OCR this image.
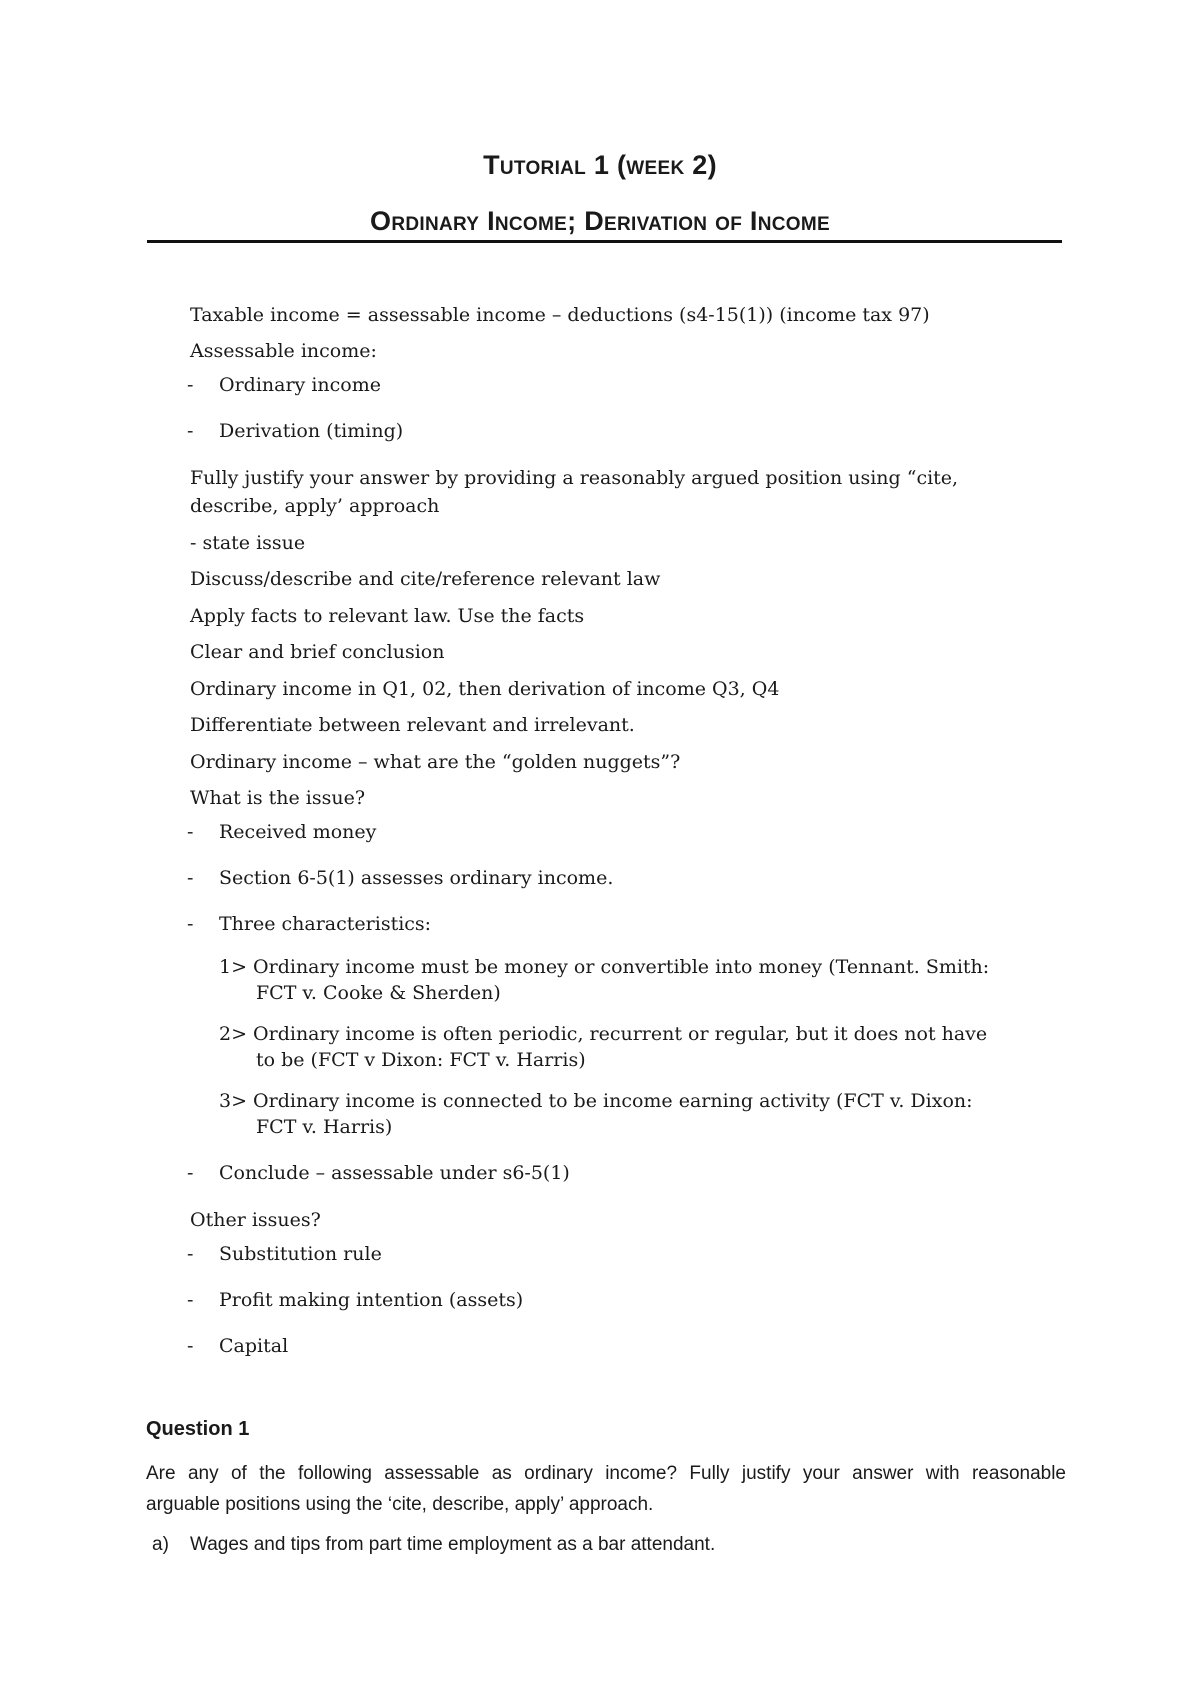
Tutorial 1 (week 2)
Ordinary Income; Derivation of Income
Taxable income = assessable income – deductions (s4-15(1)) (income tax 97)
Assessable income:
- Ordinary income
- Derivation (timing)
Fully justify your answer by providing a reasonably argued position using “cite,
describe, apply’ approach
- state issue
Discuss/describe and cite/reference relevant law
Apply facts to relevant law. Use the facts
Clear and brief conclusion
Ordinary income in Q1, 02, then derivation of income Q3, Q4
Differentiate between relevant and irrelevant.
Ordinary income – what are the “golden nuggets”?
What is the issue?
- Received money
- Section 6-5(1) assesses ordinary income.
- Three characteristics:
1> Ordinary income must be money or convertible into money (Tennant. Smith:
FCT v. Cooke & Sherden)
2> Ordinary income is often periodic, recurrent or regular, but it does not have
to be (FCT v Dixon: FCT v. Harris)
3> Ordinary income is connected to be income earning activity (FCT v. Dixon:
FCT v. Harris)
- Conclude – assessable under s6-5(1)
Other issues?
- Substitution rule
- Profit making intention (assets)
- Capital
Question 1
Are any of the following assessable as ordinary income? Fully justify your answer with reasonable
arguable positions using the ‘cite, describe, apply’ approach.
a) Wages and tips from part time employment as a bar attendant.
